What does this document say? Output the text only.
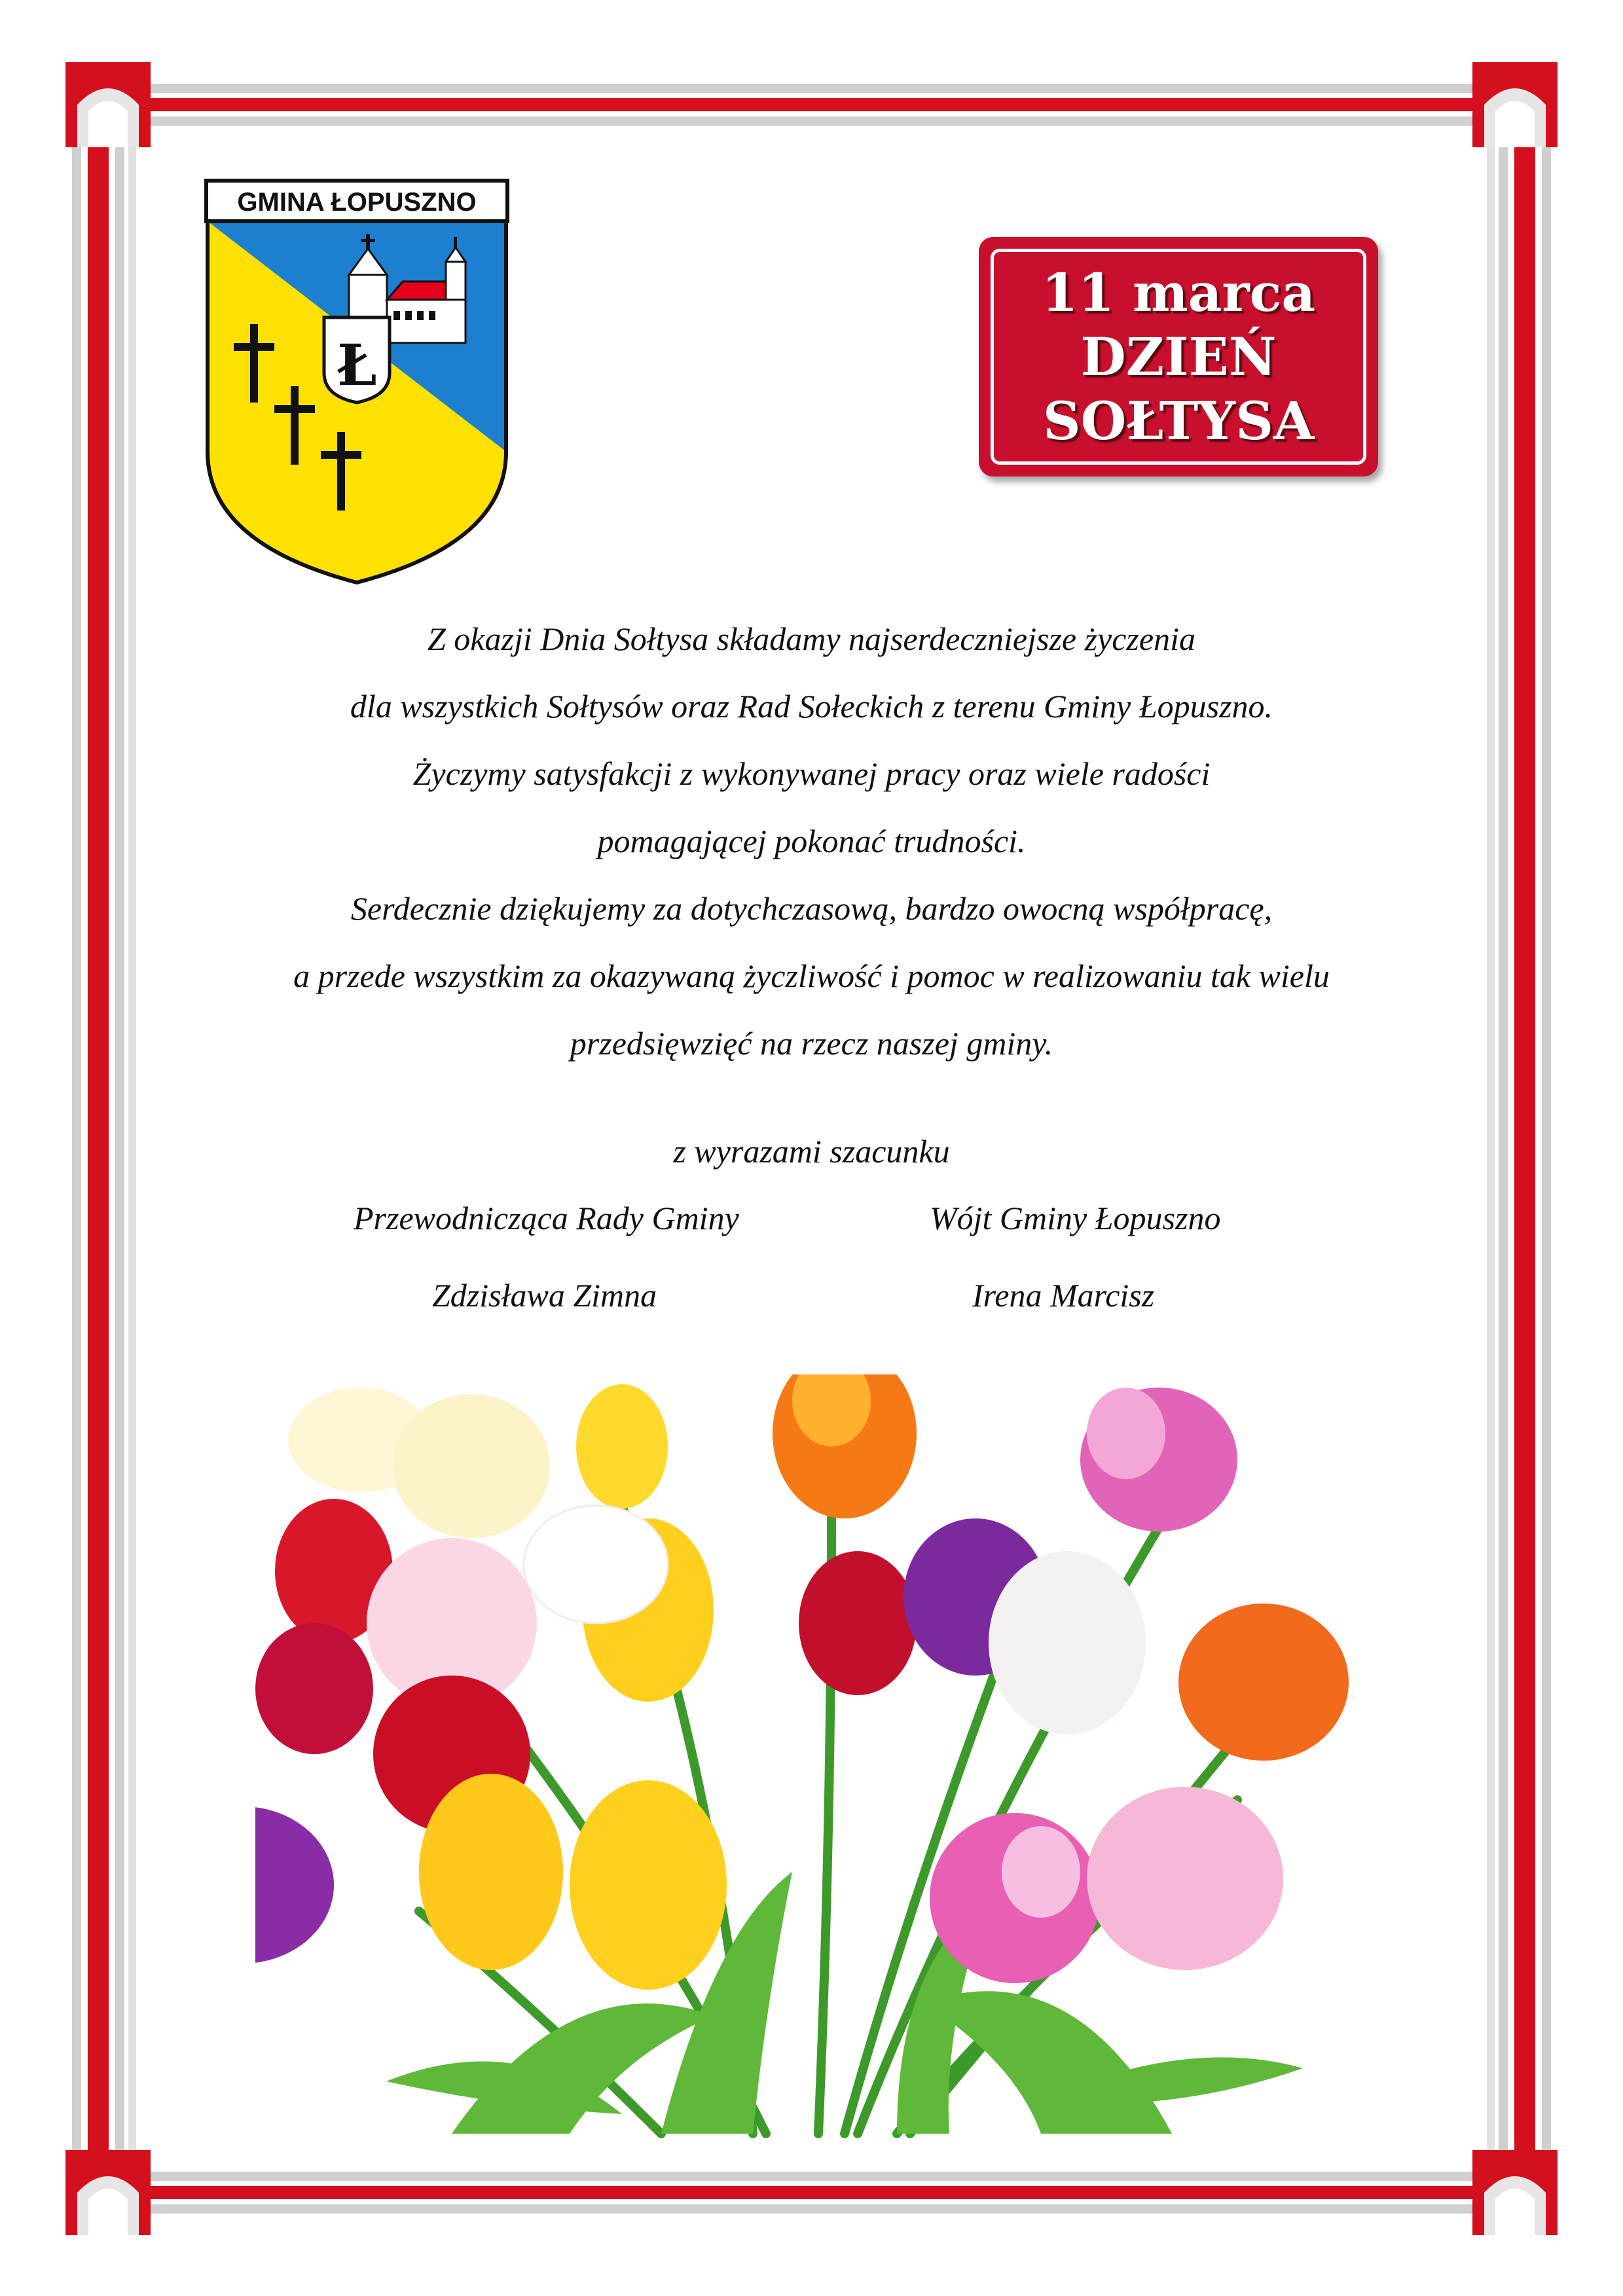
GMINA ŁOPUSZNO
Ł
11 marca
DZIEŃ
SOŁTYSA

Z okazji Dnia Sołtysa składamy najserdeczniejsze życzenia

dla wszystkich Sołtysów oraz Rad Sołeckich z terenu Gminy Łopuszno.

Życzymy satysfakcji z wykonywanej pracy oraz wiele radości

pomagającej pokonać trudności.

Serdecznie dziękujemy za dotychczasową, bardzo owocną współpracę,

a przede wszystkim za okazywaną życzliwość i pomoc w realizowaniu tak wielu

przedsięwzięć na rzecz naszej gminy.

z wyrazami szacunku
Przewodnicząca Rady Gminy	Wójt Gminy Łopuszno
Zdzisława Zimna	Irena Marcisz
